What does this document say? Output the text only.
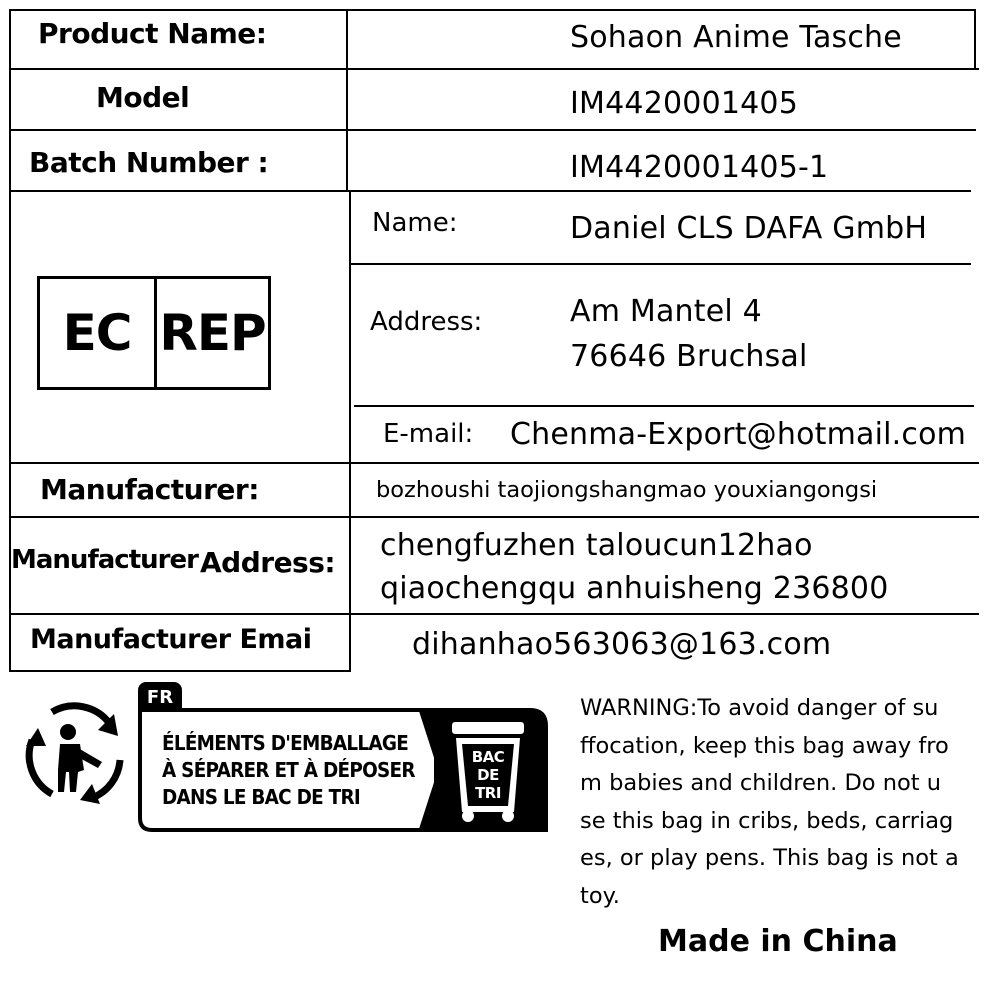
Product Name:	Sohaon Anime Tasche
Model	IM4420001405
Batch Number :	IM4420001405-1
EC REP
Name:	Daniel CLS DAFA GmbH
Address:	Am Mantel 4
76646 Bruchsal
E-mail: Chenma-Export@hotmail.com
Manufacturer:	bozhoushi taojiongshangmao youxiangongsi
Manufacturer Address: chengfuzhen taloucun12hao
qiaochengqu anhuisheng 236800
Manufacturer Emai	dihanhao563063@163.com
FR
ÉLÉMENTS D'EMBALLAGE
À SÉPARER ET À DÉPOSER
DANS LE BAC DE TRI
BAC
DE
TRI
WARNING:To avoid danger of su
ffocation, keep this bag away fro
m babies and children. Do not u
se this bag in cribs, beds, carriag
es, or play pens. This bag is not a
toy.
Made in China
